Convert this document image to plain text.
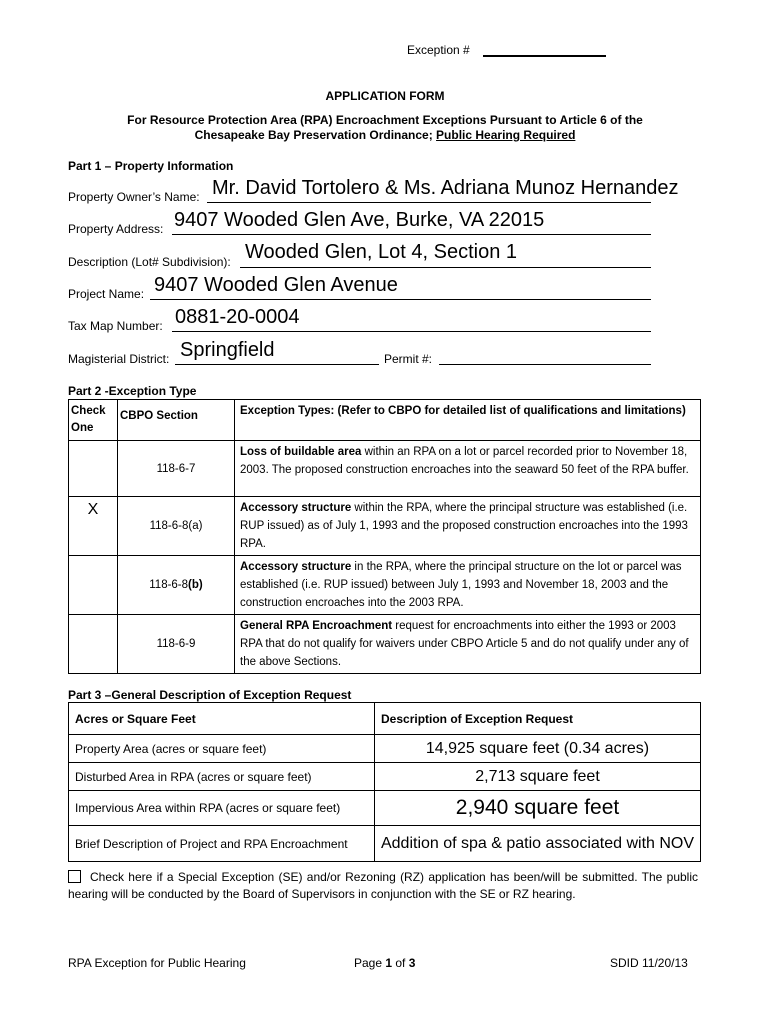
Exception #
APPLICATION FORM
For Resource Protection Area (RPA) Encroachment Exceptions Pursuant to Article 6 of the
Chesapeake Bay Preservation Ordinance; Public Hearing Required
Part 1 – Property Information
Property Owner’s Name: Mr. David Tortolero & Ms. Adriana Munoz Hernandez
Property Address: 9407 Wooded Glen Ave, Burke, VA 22015
Description (Lot# Subdivision): Wooded Glen, Lot 4, Section 1
Project Name: 9407 Wooded Glen Avenue
Tax Map Number: 0881-20-0004
Magisterial District: Springfield	Permit #:
Part 2 -Exception Type
Check
One	CBPO Section	Exception Types: (Refer to CBPO for detailed list of qualifications and limitations)
	118-6-7	Loss of buildable area within an RPA on a lot or parcel recorded prior to November 18, 2003. The proposed construction encroaches into the seaward 50 feet of the RPA buffer.
X	118-6-8(a)	Accessory structure within the RPA, where the principal structure was established (i.e. RUP issued) as of July 1, 1993 and the proposed construction encroaches into the 1993 RPA.
	118-6-8(b)	Accessory structure in the RPA, where the principal structure on the lot or parcel was established (i.e. RUP issued) between July 1, 1993 and November 18, 2003 and the construction encroaches into the 2003 RPA.
	118-6-9	General RPA Encroachment request for encroachments into either the 1993 or 2003 RPA that do not qualify for waivers under CBPO Article 5 and do not qualify under any of the above Sections.
Part 3 –General Description of Exception Request
Acres or Square Feet	Description of Exception Request
Property Area (acres or square feet)	14,925 square feet (0.34 acres)
Disturbed Area in RPA (acres or square feet)	2,713 square feet
Impervious Area within RPA (acres or square feet)	2,940 square feet
Brief Description of Project and RPA Encroachment	Addition of spa & patio associated with NOV
Check here if a Special Exception (SE) and/or Rezoning (RZ) application has been/will be submitted. The public hearing will be conducted by the Board of Supervisors in conjunction with the SE or RZ hearing.
RPA Exception for Public Hearing	Page 1 of 3	SDID 11/20/13
